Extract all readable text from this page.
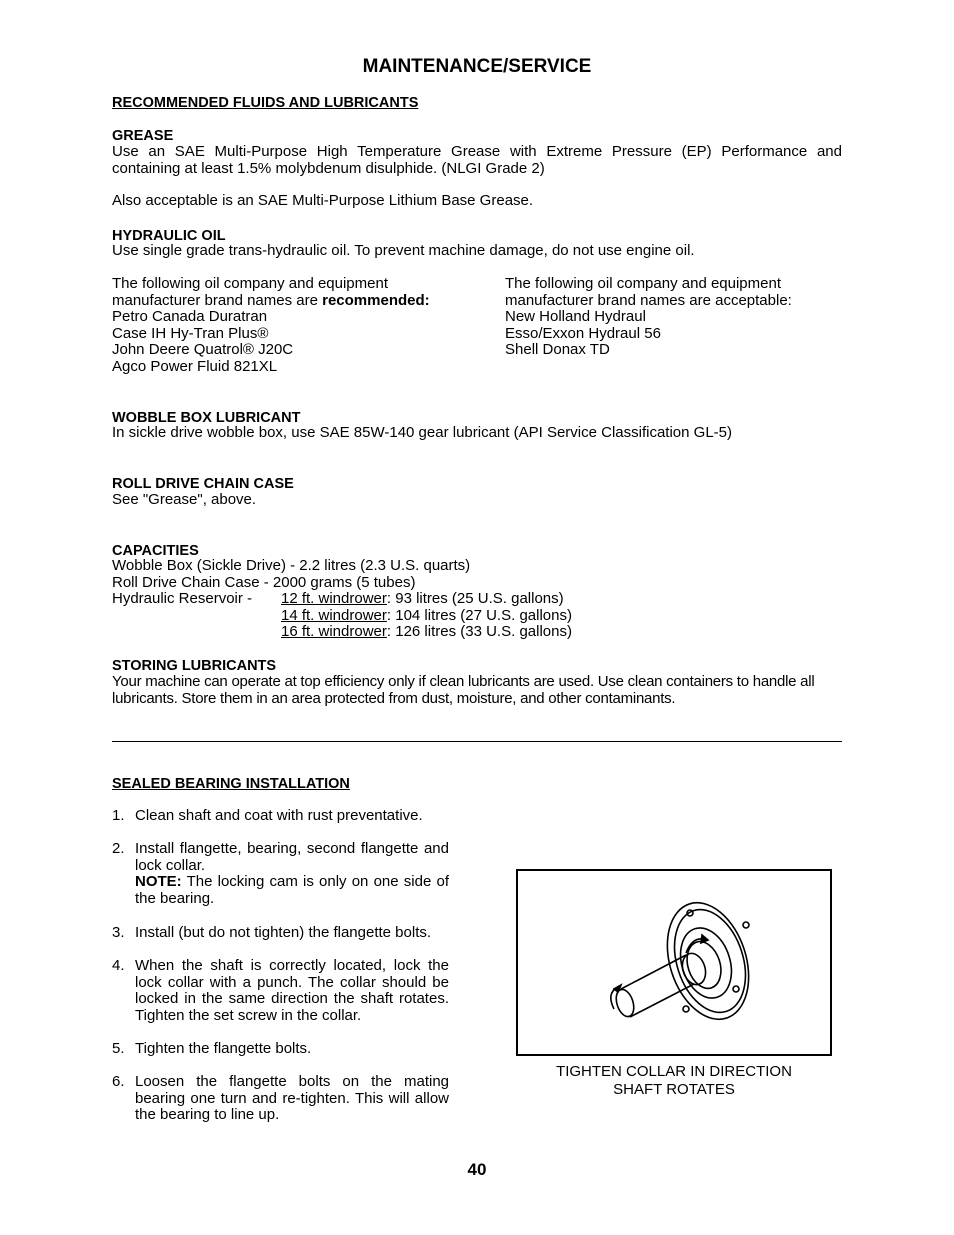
MAINTENANCE/SERVICE
RECOMMENDED FLUIDS AND LUBRICANTS
GREASE
Use an SAE Multi-Purpose High Temperature Grease with Extreme Pressure (EP) Performance and containing at least 1.5% molybdenum disulphide. (NLGI Grade 2)
Also acceptable is an SAE Multi-Purpose Lithium Base Grease.
HYDRAULIC OIL
Use single grade trans-hydraulic oil. To prevent machine damage, do not use engine oil.
The following oil company and equipment
manufacturer brand names are recommended:
Petro Canada Duratran
Case IH Hy-Tran Plus®
John Deere Quatrol® J20C
Agco Power Fluid 821XL
The following oil company and equipment
manufacturer brand names are acceptable:
New Holland Hydraul
Esso/Exxon Hydraul 56
Shell Donax TD
WOBBLE BOX LUBRICANT
In sickle drive wobble box, use SAE 85W-140 gear lubricant (API Service Classification GL-5)
ROLL DRIVE CHAIN CASE
See "Grease", above.
CAPACITIES
Wobble Box (Sickle Drive) - 2.2 litres (2.3 U.S. quarts)
Roll Drive Chain Case - 2000 grams (5 tubes)
Hydraulic Reservoir - 12 ft. windrower: 93 litres (25 U.S. gallons)
14 ft. windrower: 104 litres (27 U.S. gallons)
16 ft. windrower: 126 litres (33 U.S. gallons)
STORING LUBRICANTS
Your machine can operate at top efficiency only if clean lubricants are used. Use clean containers to handle all lubricants. Store them in an area protected from dust, moisture, and other contaminants.
SEALED BEARING INSTALLATION
1. Clean shaft and coat with rust preventative.
2. Install flangette, bearing, second flangette and lock collar.
NOTE: The locking cam is only on one side of the bearing.
3. Install (but do not tighten) the flangette bolts.
4. When the shaft is correctly located, lock the lock collar with a punch. The collar should be locked in the same direction the shaft rotates. Tighten the set screw in the collar.
5. Tighten the flangette bolts.
6. Loosen the flangette bolts on the mating bearing one turn and re-tighten. This will allow the bearing to line up.
TIGHTEN COLLAR IN DIRECTION
SHAFT ROTATES
40
